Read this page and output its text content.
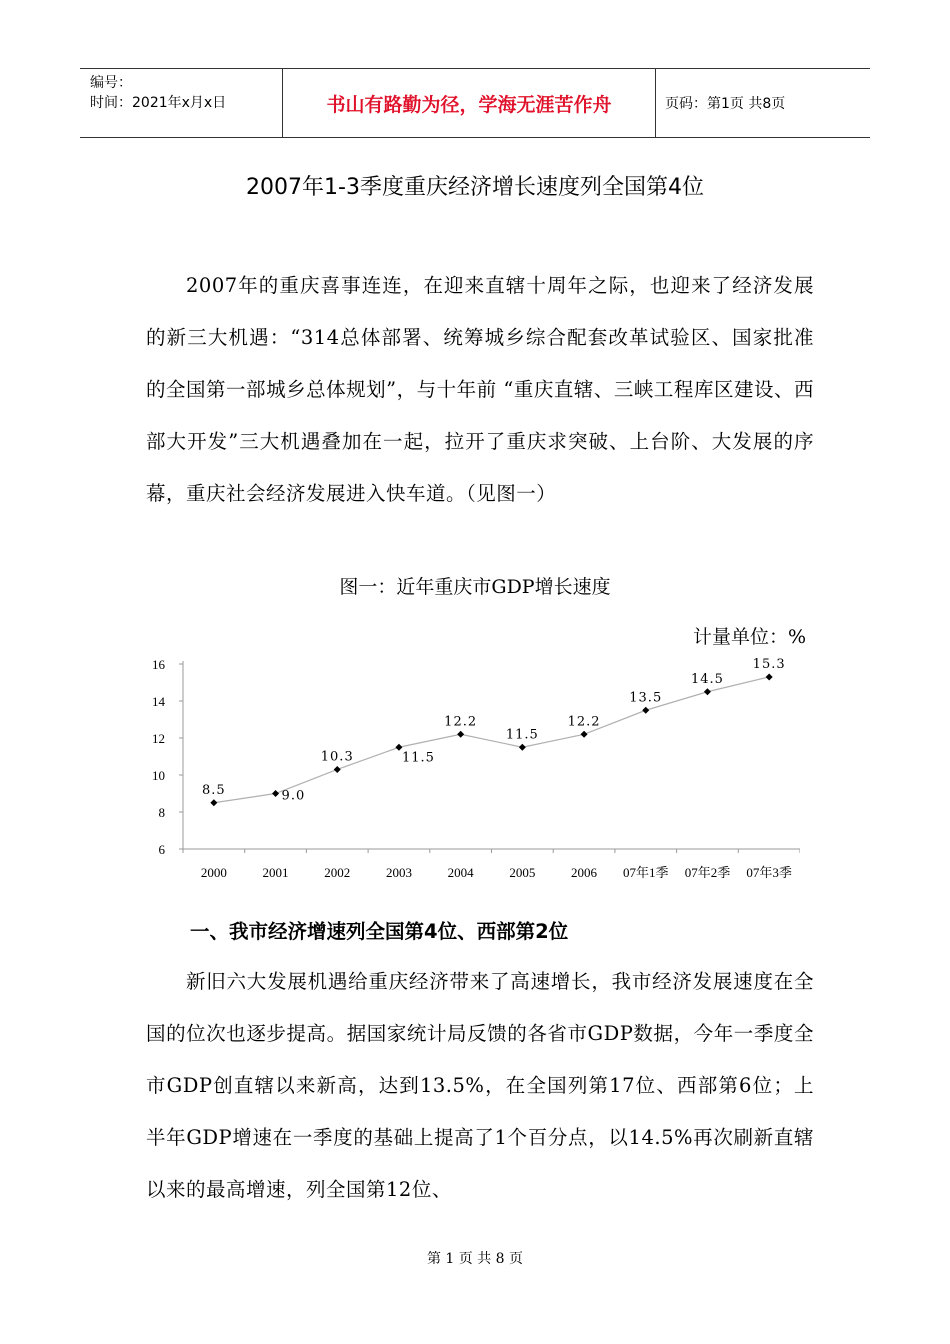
编号：
时间：2021年x月x日	书山有路勤为径，学海无涯苦作舟	页码：第1页 共8页
2007年1-3季度重庆经济增长速度列全国第4位

2007年的重庆喜事连连，在迎来直辖十周年之际，也迎来了经济发展的新三大机遇：“314总体部署、统筹城乡综合配套改革试验区、国家批准的全国第一部城乡总体规划”，与十年前 “重庆直辖、三峡工程库区建设、西部大开发”三大机遇叠加在一起，拉开了重庆求突破、上台阶、大发展的序幕，重庆社会经济发展进入快车道。（见图一）

图一：近年重庆市GDP增长速度
计量单位：%
6
8
10
12
14
16
2000	2001	2002	2003	2004	2005	2006 07年1季 07年2季 07年3季
8.5	9.0
10.3	11.5
12.2
11.5
12.2
13.5
14.5
15.3
一、我市经济增速列全国第4位、西部第2位

新旧六大发展机遇给重庆经济带来了高速增长，我市经济发展速度在全国的位次也逐步提高。据国家统计局反馈的各省市GDP数据，今年一季度全市GDP创直辖以来新高，达到13.5%，在全国列第17位、西部第6位；上半年GDP增速在一季度的基础上提高了1个百分点，以14.5%再次刷新直辖以来的最高增速，列全国第12位、

第 1 页 共 8 页
